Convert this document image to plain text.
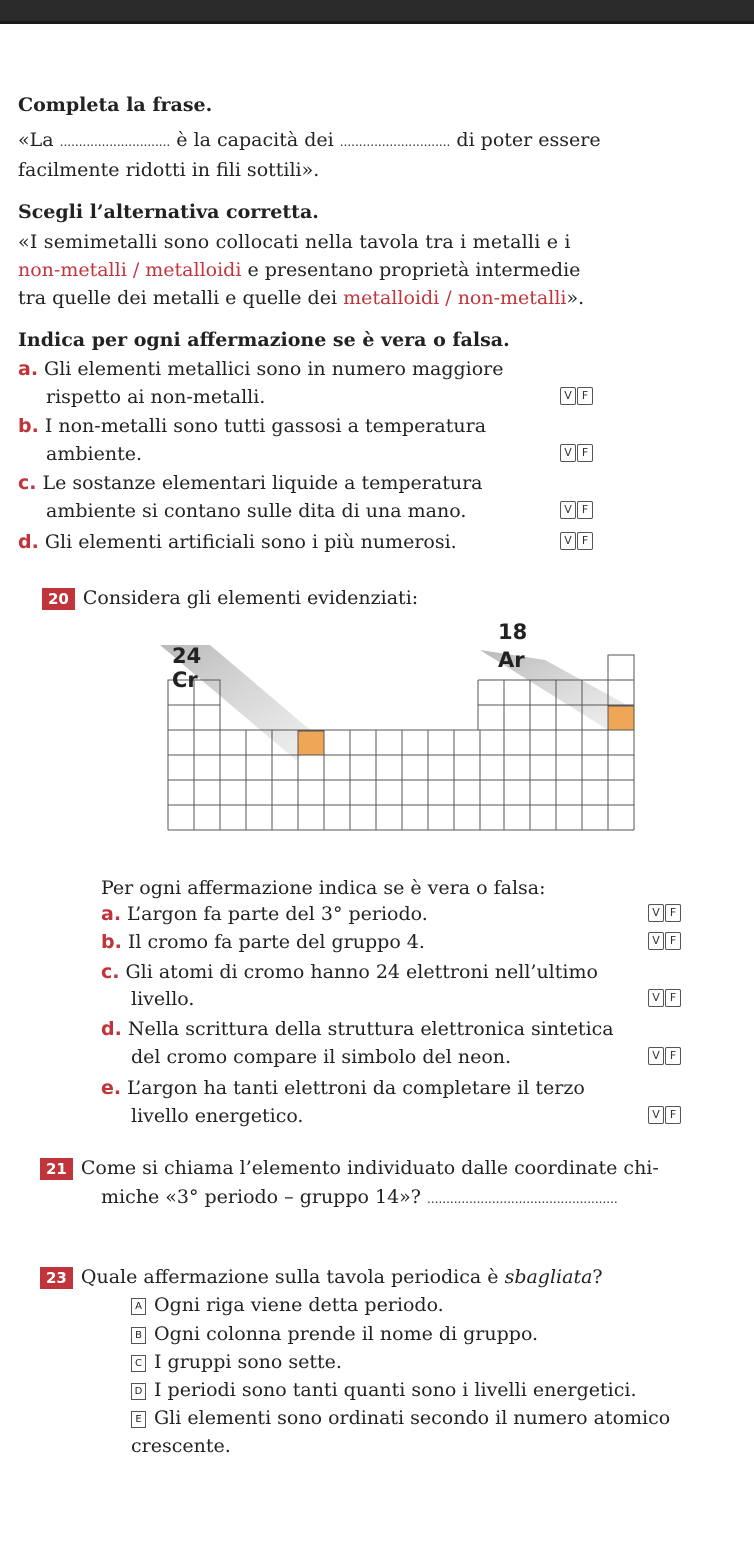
Completa la frase.
«La ............................. è la capacità dei ............................. di poter essere
facilmente ridotti in fili sottili».
Scegli l’alternativa corretta.
«I semimetalli sono collocati nella tavola tra i metalli e i
non-metalli / metalloidi e presentano proprietà intermedie
tra quelle dei metalli e quelle dei metalloidi / non-metalli».
Indica per ogni affermazione se è vera o falsa.
a. Gli elementi metallici sono in numero maggiore
rispetto ai non-metalli.
b. I non-metalli sono tutti gassosi a temperatura
ambiente.
c. Le sostanze elementari liquide a temperatura
ambiente si contano sulle dita di una mano.
d. Gli elementi artificiali sono i più numerosi.
V F
V F
V F
V F
20 Considera gli elementi evidenziati:
24
Cr
18
Ar
Per ogni affermazione indica se è vera o falsa:
a. L’argon fa parte del 3° periodo.
b. Il cromo fa parte del gruppo 4.
c. Gli atomi di cromo hanno 24 elettroni nell’ultimo
livello.
d. Nella scrittura della struttura elettronica sintetica
del cromo compare il simbolo del neon.
e. L’argon ha tanti elettroni da completare il terzo
livello energetico.
V F
V F
V F
V F
V F
21 Come si chiama l’elemento individuato dalle coordinate chi-
miche «3° periodo – gruppo 14»? ..................................................
23 Quale affermazione sulla tavola periodica è sbagliata?
A Ogni riga viene detta periodo.
B Ogni colonna prende il nome di gruppo.
C I gruppi sono sette.
D I periodi sono tanti quanti sono i livelli energetici.
E Gli elementi sono ordinati secondo il numero atomico
crescente.
